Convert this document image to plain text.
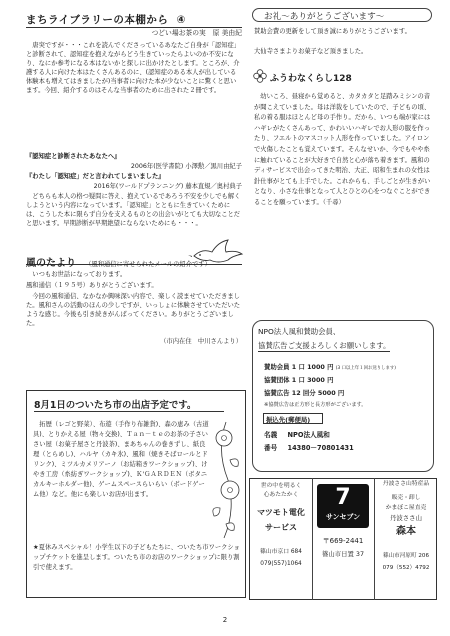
まちライブラリーの本棚から ④
つどい場お茶の実　原 美由紀
唐突ですが・・・これを読んでくださっているあなたご自身が「認知症」と診断されて、認知症を抱えながらどう生きていったらよいのか不安になり、なにか参考になる本はないかと探しに出かけたとします。ところが、介護する人に向けた本はたくさんあるのに、(認知症のある本人が出している体験本も増えてはきましたが)当事者に向けた本が少ないことに驚くと思います。今回、紹介するのはそんな当事者のために出された２冊です。
『認知症と診断されたあなたへ』
2006年(医学書院) 小澤勲／黒川由紀子
『わたし「認知症」だと言われてしまいました』
2016年(ワールドプランニング) 藤本直規／奥村典子
どちらも本人の格つ疑問に答え、抱えているであろう不安を少しでも解くしようという内容になっています。「認知症」とともに生きていくためには、こうした本に限らず自分を支えるものとの出会いがとても大切なことだと思います。早期診断が早期絶望にならないためにも・・・。
風のたより （風和通信に寄せられたメールの紹介です）
いつもお世話になっております。
風和通信（１９５号）ありがとうございます。
今回の風和通信、なかなか興味深い内容で、楽しく読ませていただきました。風和さんの活動のほんの少しですが、いっしょに体験させていただいたような感じ。今後も引き続きがんばってください。ありがとうございました。
（市内在住　中川さんより）
8月1日のついたち市の出店予定です。
拓歴（レゴと野菜）、布遊（手作り布雑貨)、森の恵み（古道具)、とりかえる屋（物々交換)、Ｔａｎ－ｔｅのお茶の子さいさい屋（お菓子屋さと丹波茶)、まあちゃんの巻きずし、紙良理（とらめし)、ハルヤ（カキ氷)、風和（焼きそばロールとドリンク)、ミツルカメリアーノ（お結箱きワークショップ)、けやき工房（糸紡ぎワークショップ)、Ｋ'ＧＡＲＤＥＮ（ボタニカルキーホルダー他)、ゲームスペースらいらい（ボードゲーム他）など。他にも楽しいお店が出ます。
★夏休みスペシャル！小学生以下の子どもたちに、ついたち市ワークショップチケットを進呈します。ついたち市のお店のワークショップに限り割引で使えます。
お礼～ありがとうございます～
賛助会費の更新をして頂き誠にありがとうございます。
大仙寺さまよりお菓子など頂きました。
ふうわなくらし128
幼いころ、昼寝から覚めると、カタカタと足踏みミシンの音が聞こえていました。母は洋裁をしていたので、子どもの頃、私の着る服はほとんど母の手作り。だから、いつも端が家にはハギレがたくさんあって、かわいいハギレでお人形の服を作ったり、フエルトのマスコット人形を作っていました。アイロンで火傷したことも覚えています。そんなせいか、今でもやや糸に触れていることが大好きで自然と心が落ち着きます。風和のディサービスで出会ってきた明治、大正、昭和生まれの女性は針仕事がとても上手でした。これからも、手しごとが生きがいとなり、小さな仕事となって人とひとの心をつなぐことができることを願っています。（千尋）
NPO法人風和賛助会員、
協賛広告ご支援よろしくお願いします。
賛助会員 1 口 1000 円 (3 口以上年１回お送りします)
協賛団体 1 口 3000 円
協賛広告 12 回分 5000 円
※協賛広告は正方形と長方形がございます。
振込先(郵便局)
名義 NPO法人風和
番号 14380－70801431
世の中を明るく
心あたたかく
マツモト電化
サービス
篠山市京口 684
079(557)1064
7
サンセブン
〒669-2441
篠山市日置 37
丹波ささ山特産品
販売・卸し
かまぼこ屋直売
丹波ささ山
森本
篠山市河原町 206
079（552）4792
2
